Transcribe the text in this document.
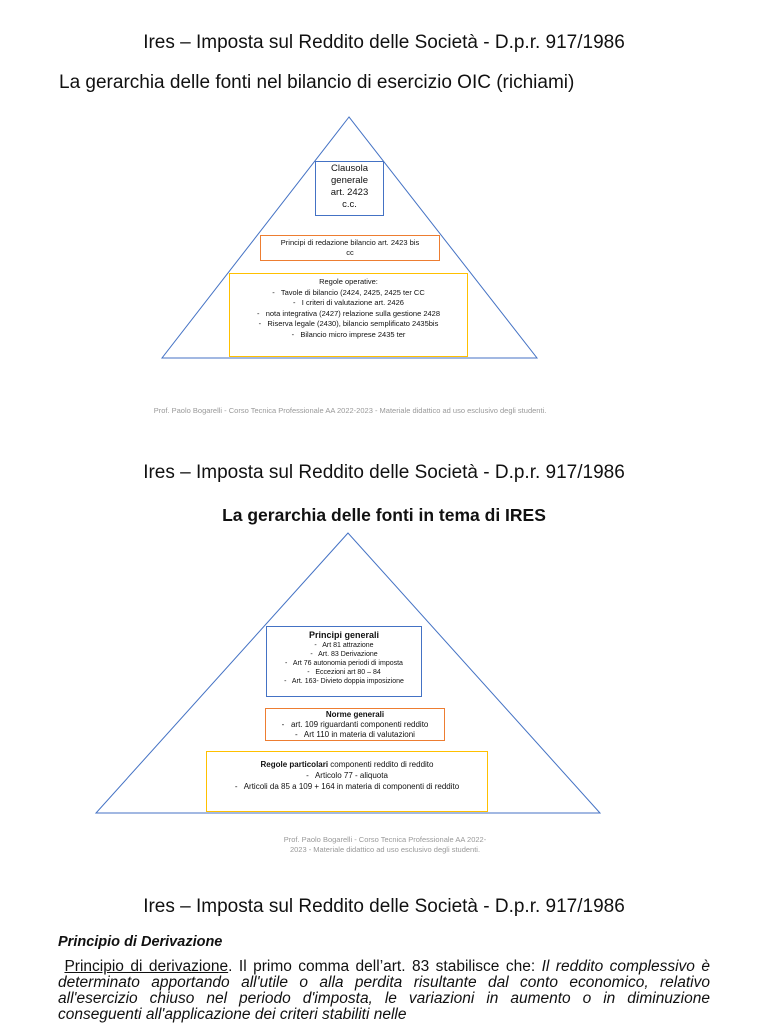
Ires – Imposta sul Reddito delle Società - D.p.r. 917/1986
La gerarchia delle fonti nel bilancio di esercizio OIC (richiami)
Clausola
generale
art. 2423
c.c.
Principi di redazione bilancio art. 2423 bis
cc
Regole operative:
- Tavole di bilancio (2424, 2425, 2425 ter CC
- I criteri di valutazione art. 2426
- nota integrativa (2427) relazione sulla gestione 2428
- Riserva legale (2430), bilancio semplificato 2435bis
- Bilancio micro imprese 2435 ter
Prof. Paolo Bogarelli - Corso Tecnica Professionale AA 2022-2023 - Materiale didattico ad uso esclusivo degli studenti.
Ires – Imposta sul Reddito delle Società - D.p.r. 917/1986
La gerarchia delle fonti in tema di IRES
Principi generali
- Art 81 attrazione
- Art. 83 Derivazione
- Art 76 autonomia periodi di imposta
- Eccezioni art 80 – 84
- Art. 163- Divieto doppia imposizione
Norme generali
- art. 109 riguardanti componenti reddito
- Art 110 in materia di valutazioni
Regole particolari componenti reddito di reddito
- Articolo 77 - aliquota
- Articoli da 85 a 109 + 164 in materia di componenti di reddito
Prof. Paolo Bogarelli - Corso Tecnica Professionale AA 2022-
2023 - Materiale didattico ad uso esclusivo degli studenti.
Ires – Imposta sul Reddito delle Società - D.p.r. 917/1986
Principio di Derivazione
Principio di derivazione. Il primo comma dell’art. 83 stabilisce che: Il reddito complessivo è determinato apportando all'utile o alla perdita risultante dal conto economico, relativo all'esercizio chiuso nel periodo d'imposta, le variazioni in aumento o in diminuzione conseguenti all'applicazione dei criteri stabiliti nelle
